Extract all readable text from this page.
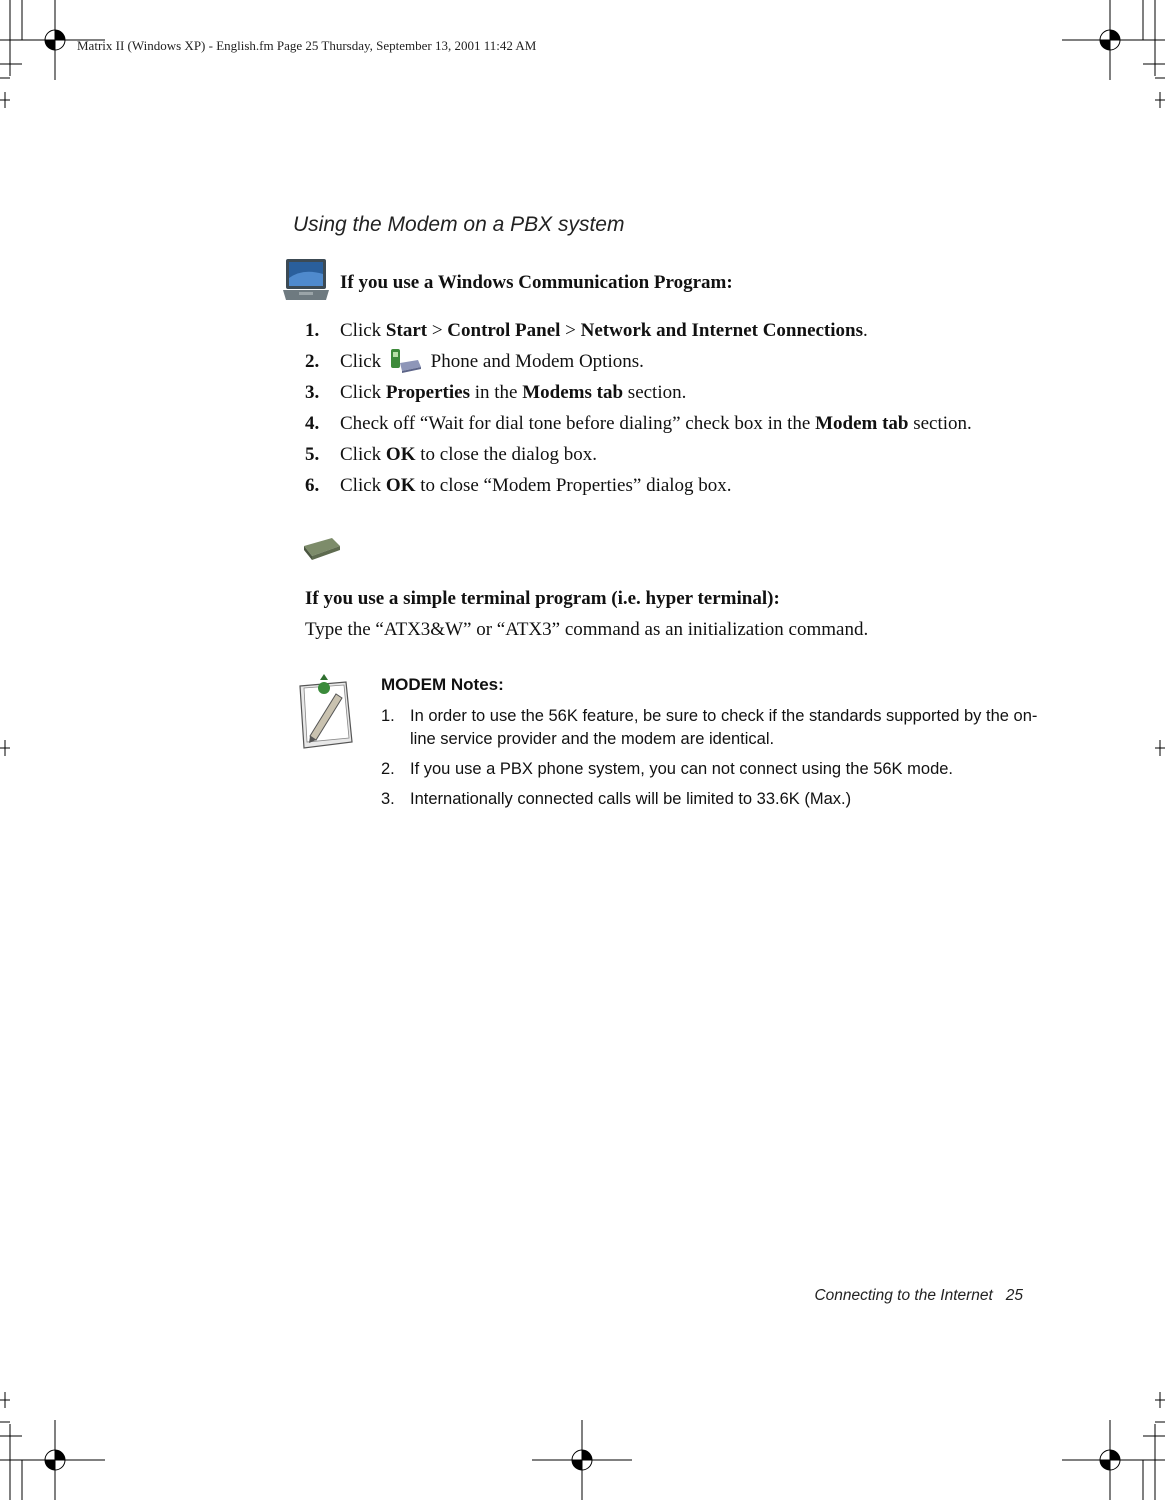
Matrix II (Windows XP) - English.fm Page 25 Thursday, September 13, 2001 11:42 AM
Using the Modem on a PBX system
If you use a Windows Communication Program:
1. Click Start > Control Panel > Network and Internet Connections.
2. Click  Phone and Modem Options.
3. Click Properties in the Modems tab section.
4. Check off “Wait for dial tone before dialing” check box in the Modem tab section.
5. Click OK to close the dialog box.
6. Click OK to close “Modem Properties” dialog box.
If you use a simple terminal program (i.e. hyper terminal):
Type the “ATX3&W” or “ATX3” command as an initialization command.
MODEM Notes:
1. In order to use the 56K feature, be sure to check if the standards supported by the on-line service provider and the modem are identical.
2. If you use a PBX phone system, you can not connect using the 56K mode.
3. Internationally connected calls will be limited to 33.6K (Max.)
Connecting to the Internet 25
